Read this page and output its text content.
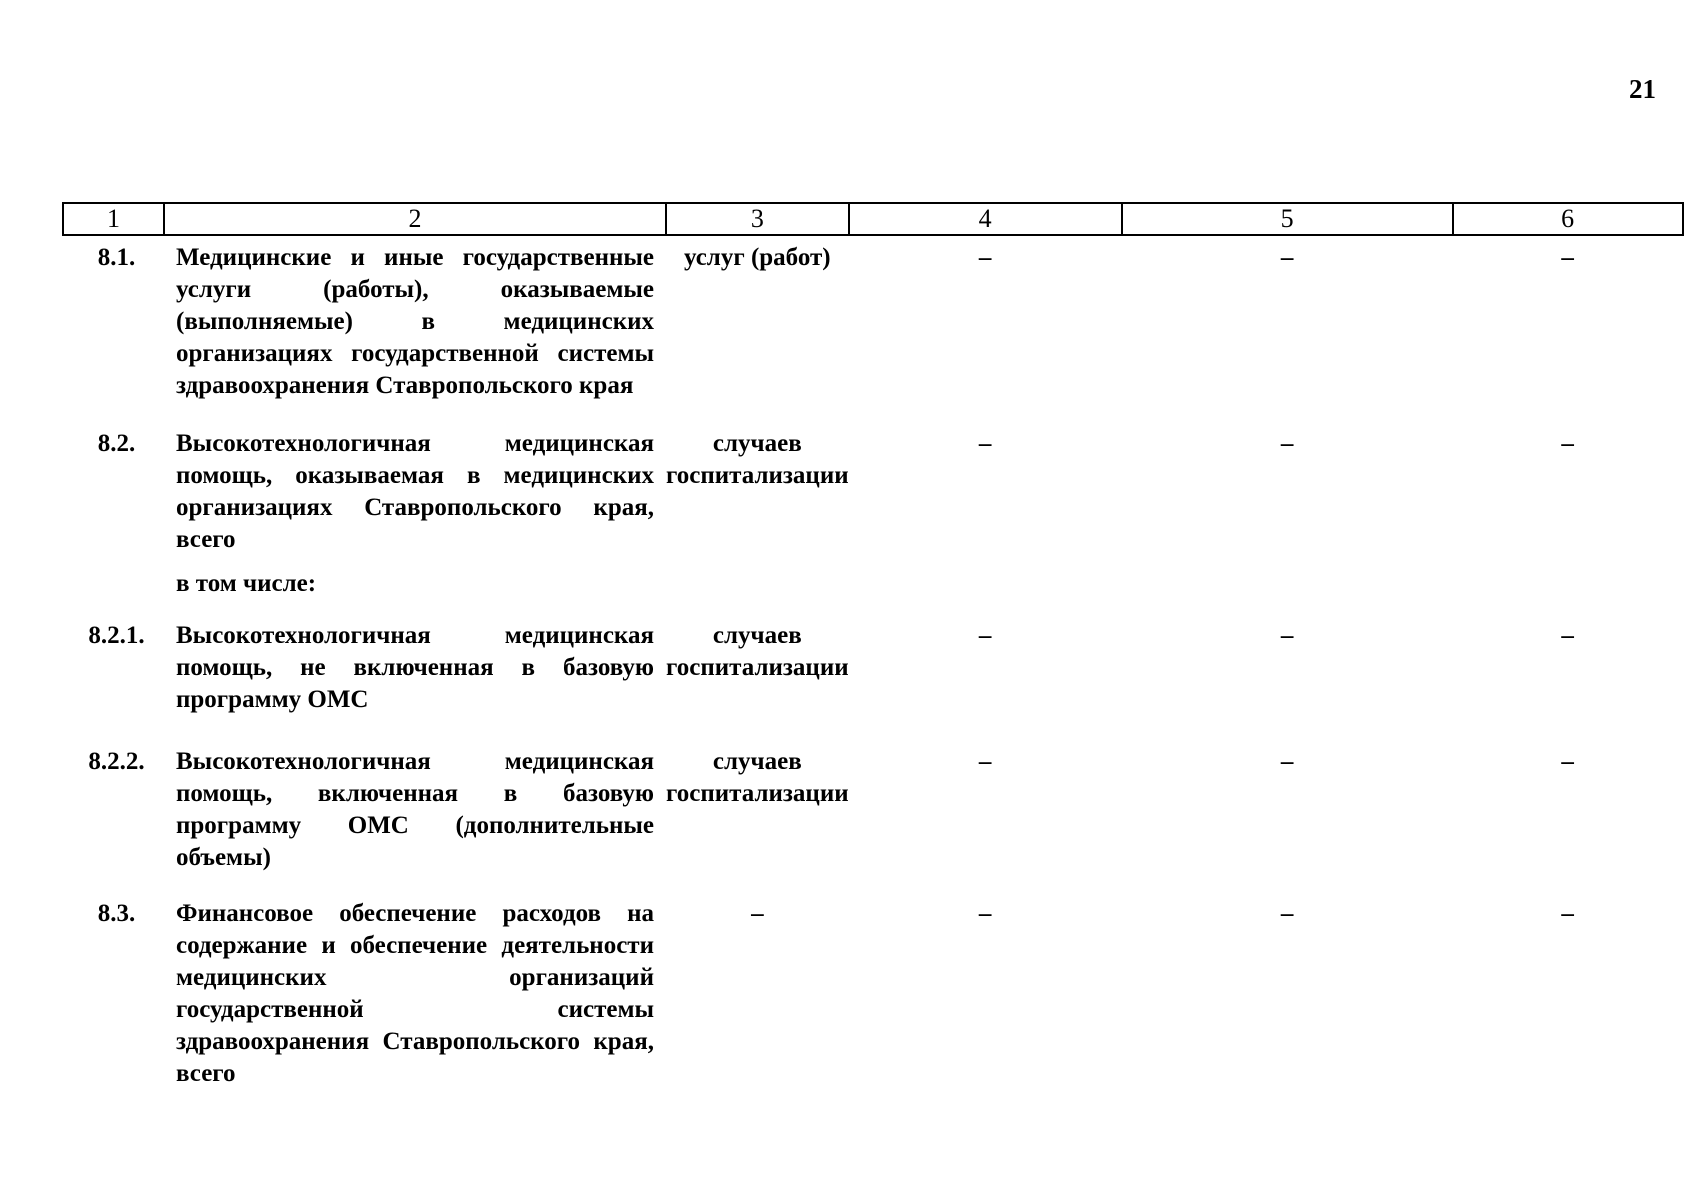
21
1	2	3	4	5	6
8.1.	Медицинские и иные государственные услуги (работы), оказываемые (выполняемые) в медицинских организациях государственной системы здравоохранения Ставропольского края	услуг (работ)	–	–	–
8.2.	Высокотехнологичная медицинская помощь, оказываемая в медицинских организациях Ставропольского края, всего	случаев госпитализации	–	–	–
	в том числе:				
8.2.1.	Высокотехнологичная медицинская помощь, не включенная в базовую программу ОМС	случаев госпитализации	–	–	–
8.2.2.	Высокотехнологичная медицинская помощь, включенная в базовую программу ОМС (дополнительные объемы)	случаев госпитализации	–	–	–
8.3.	Финансовое обеспечение расходов на содержание и обеспечение деятельности медицинских организаций государственной системы здравоохранения Ставропольского края, всего	–	–	–	–
